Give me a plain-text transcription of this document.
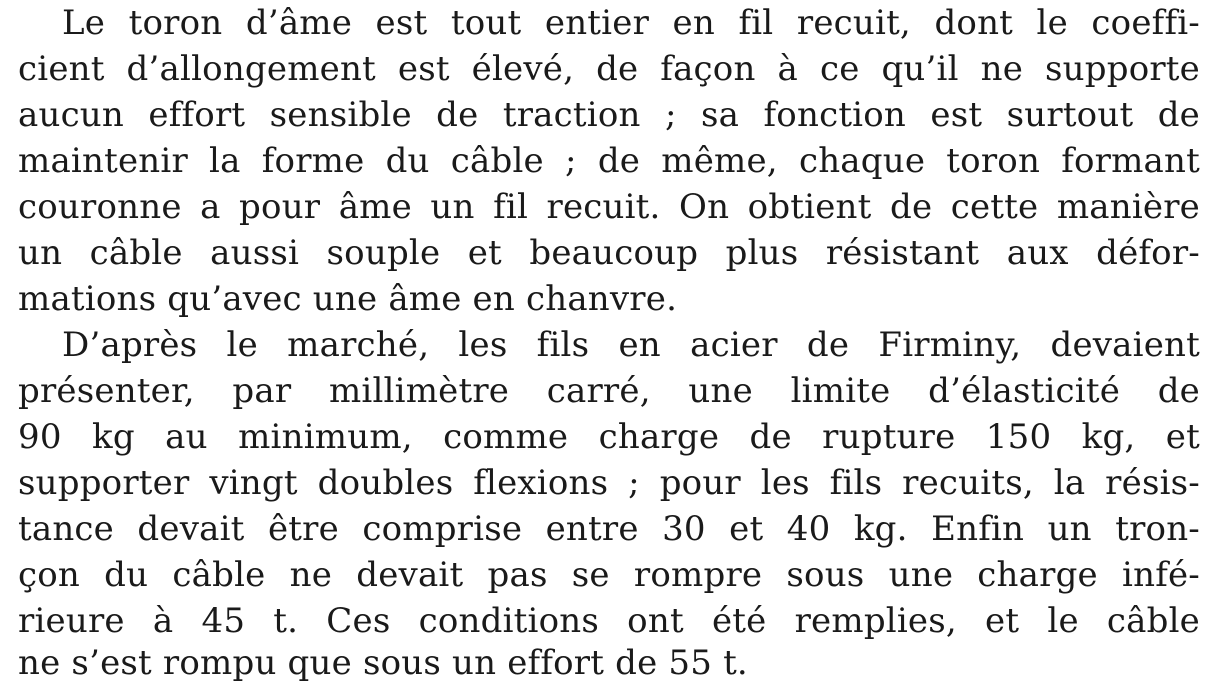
Le toron d’âme est tout entier en fil recuit, dont le coeffi-
cient d’allongement est élevé, de façon à ce qu’il ne supporte
aucun effort sensible de traction ; sa fonction est surtout de
maintenir la forme du câble ; de même, chaque toron formant
couronne a pour âme un fil recuit. On obtient de cette manière
un câble aussi souple et beaucoup plus résistant aux défor-
mations qu’avec une âme en chanvre.
D’après le marché, les fils en acier de Firminy, devaient
présenter, par millimètre carré, une limite d’élasticité de
90 kg au minimum, comme charge de rupture 150 kg, et
supporter vingt doubles flexions ; pour les fils recuits, la résis-
tance devait être comprise entre 30 et 40 kg. Enfin un tron-
çon du câble ne devait pas se rompre sous une charge infé-
rieure à 45 t. Ces conditions ont été remplies, et le câble
ne s’est rompu que sous un effort de 55 t.
